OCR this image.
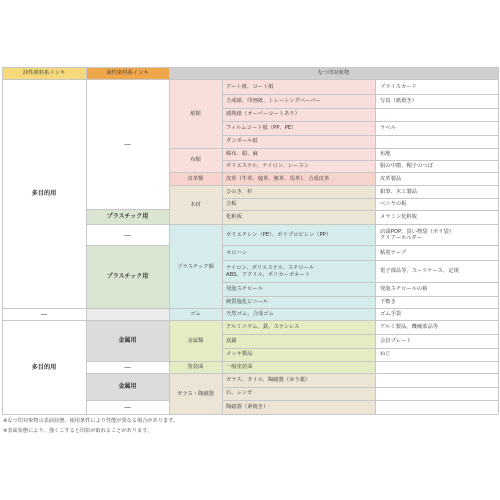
油性顔料系インキ	油性染料系インキ	なつ印対象物
多目的用
—
多目的用
—
プラスチック用
—
プラスチック用
金属用
—
金属用
—
紙類
布類
皮革類
木材
プラスチック類
ゴム
金属類
塗装面
ガラス・陶磁器
アート紙、コート紙
合成紙、印画紙、トレーシングペーパー
感熱紙（オーバーコートあり）
フィルムコート紙（PP、PE）
ダンボール紙
綿布、絹、麻
ポリエステル、ナイロン、レーヨン
皮革（牛革、鹿革、豚革、馬革）、合成皮革
ひのき、杉
合板
化粧板
ポリエチレン（PE）、ポリプロピレン（PP）
セロハン
ナイロン、ポリエステル、スチロール
ABS、アクリル、ポリカーボネート
発泡スチロール
硬質塩化ビニール
天然ゴム、合成ゴム
アルミニウム、鉄、ステンレス
真鍮
メッキ製品
一般塗装面
ガラス、タイル、陶磁器（ゆう薬）
石、レンガ
陶磁器（素焼き）
プライスカード
写真（紙焼き）
ラベル
布地
服の中衛、帽子のつば
皮革製品
鉛筆、木工製品
ベニヤの板
メラミン化粧板
店頭POP、買い物袋（ポリ袋）
クリアーホルダー
粘着テープ
電子部品等、スーツケース、定規
発泡スチロールの箱
下敷き
ゴム手袋
アルミ製品、機械部品等
会員プレート
ねじ
※なつ印対象物の表面状態、使用条件により性能が異なる場合があります。
※表面状態により、強くこすると印影が取れることがあります。
